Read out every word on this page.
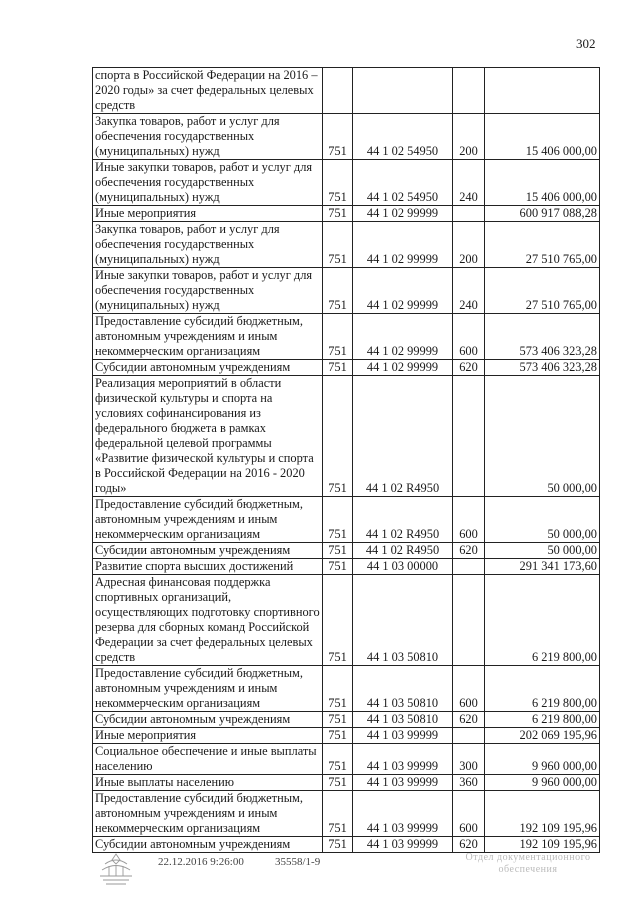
302
спорта в Российской Федерации на 2016 – 2020 годы» за счет федеральных целевых средств				
Закупка товаров, работ и услуг для обеспечения государственных (муниципальных) нужд	751	44 1 02 54950	200	15 406 000,00
Иные закупки товаров, работ и услуг для обеспечения государственных (муниципальных) нужд	751	44 1 02 54950	240	15 406 000,00
Иные мероприятия	751	44 1 02 99999		600 917 088,28
Закупка товаров, работ и услуг для обеспечения государственных (муниципальных) нужд	751	44 1 02 99999	200	27 510 765,00
Иные закупки товаров, работ и услуг для обеспечения государственных (муниципальных) нужд	751	44 1 02 99999	240	27 510 765,00
Предоставление субсидий бюджетным, автономным учреждениям и иным некоммерческим организациям	751	44 1 02 99999	600	573 406 323,28
Субсидии автономным учреждениям	751	44 1 02 99999	620	573 406 323,28
Реализация мероприятий в области физической культуры и спорта на условиях софинансирования из федерального бюджета в рамках федеральной целевой программы «Развитие физической культуры и спорта в Российской Федерации на 2016 - 2020 годы»	751	44 1 02 R4950		50 000,00
Предоставление субсидий бюджетным, автономным учреждениям и иным некоммерческим организациям	751	44 1 02 R4950	600	50 000,00
Субсидии автономным учреждениям	751	44 1 02 R4950	620	50 000,00
Развитие спорта высших достижений	751	44 1 03 00000		291 341 173,60
Адресная финансовая поддержка спортивных организаций, осуществляющих подготовку спортивного резерва для сборных команд Российской Федерации за счет федеральных целевых средств	751	44 1 03 50810		6 219 800,00
Предоставление субсидий бюджетным, автономным учреждениям и иным некоммерческим организациям	751	44 1 03 50810	600	6 219 800,00
Субсидии автономным учреждениям	751	44 1 03 50810	620	6 219 800,00
Иные мероприятия	751	44 1 03 99999		202 069 195,96
Социальное обеспечение и иные выплаты населению	751	44 1 03 99999	300	9 960 000,00
Иные выплаты населению	751	44 1 03 99999	360	9 960 000,00
Предоставление субсидий бюджетным, автономным учреждениям и иным некоммерческим организациям	751	44 1 03 99999	600	192 109 195,96
Субсидии автономным учреждениям	751	44 1 03 99999	620	192 109 195,96
22.12.2016 9:26:00	35558/1-9	Отдел документационного обеспечения
